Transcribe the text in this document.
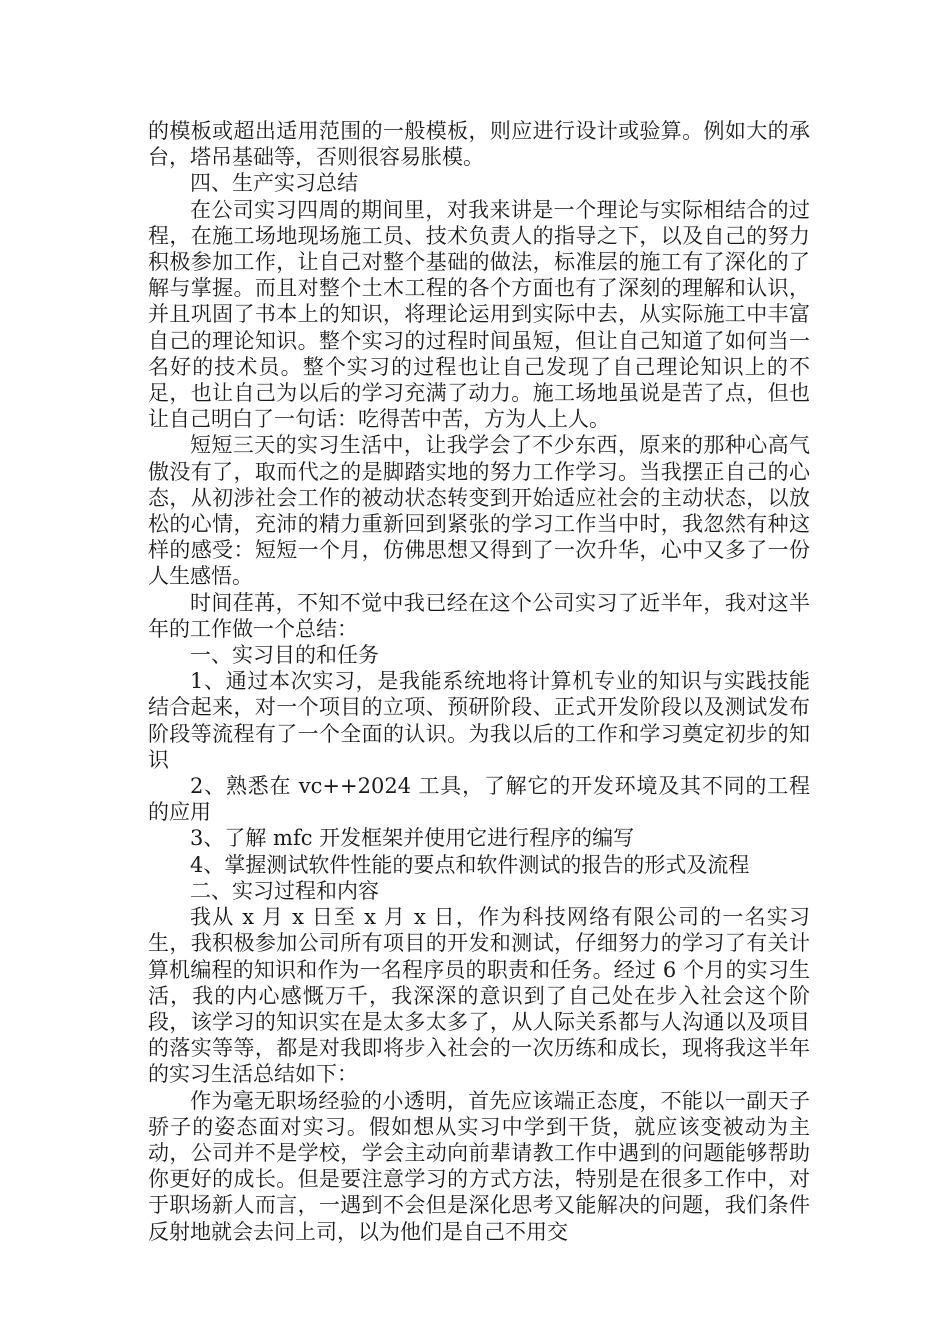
的模板或超出适用范围的一般模板，则应进行设计或验算。例如大的承台，塔吊基础等，否则很容易胀模。

四、生产实习总结

在公司实习四周的期间里，对我来讲是一个理论与实际相结合的过程，在施工场地现场施工员、技术负责人的指导之下，以及自己的努力积极参加工作，让自己对整个基础的做法，标准层的施工有了深化的了解与掌握。而且对整个土木工程的各个方面也有了深刻的理解和认识，并且巩固了书本上的知识，将理论运用到实际中去，从实际施工中丰富自己的理论知识。整个实习的过程时间虽短，但让自己知道了如何当一名好的技术员。整个实习的过程也让自己发现了自己理论知识上的不足，也让自己为以后的学习充满了动力。施工场地虽说是苦了点，但也让自己明白了一句话：吃得苦中苦，方为人上人。

短短三天的实习生活中，让我学会了不少东西，原来的那种心高气傲没有了，取而代之的是脚踏实地的努力工作学习。当我摆正自己的心态，从初涉社会工作的被动状态转变到开始适应社会的主动状态，以放松的心情，充沛的精力重新回到紧张的学习工作当中时，我忽然有种这样的感受：短短一个月，仿佛思想又得到了一次升华，心中又多了一份人生感悟。

时间荏苒，不知不觉中我已经在这个公司实习了近半年，我对这半年的工作做一个总结：

一、实习目的和任务

1、通过本次实习，是我能系统地将计算机专业的知识与实践技能结合起来，对一个项目的立项、预研阶段、正式开发阶段以及测试发布阶段等流程有了一个全面的认识。为我以后的工作和学习奠定初步的知识

2、熟悉在 vc++2024 工具，了解它的开发环境及其不同的工程的应用

3、了解 mfc 开发框架并使用它进行程序的编写

4、掌握测试软件性能的要点和软件测试的报告的形式及流程

二、实习过程和内容

我从 x 月 x 日至 x 月 x 日，作为科技网络有限公司的一名实习生，我积极参加公司所有项目的开发和测试，仔细努力的学习了有关计算机编程的知识和作为一名程序员的职责和任务。经过 6 个月的实习生活，我的内心感慨万千，我深深的意识到了自己处在步入社会这个阶段，该学习的知识实在是太多太多了，从人际关系都与人沟通以及项目的落实等等，都是对我即将步入社会的一次历练和成长，现将我这半年的实习生活总结如下：

作为毫无职场经验的小透明，首先应该端正态度，不能以一副天子骄子的姿态面对实习。假如想从实习中学到干货，就应该变被动为主动，公司并不是学校，学会主动向前辈请教工作中遇到的问题能够帮助你更好的成长。但是要注意学习的方式方法，特别是在很多工作中，对于职场新人而言，一遇到不会但是深化思考又能解决的问题，我们条件反射地就会去问上司，以为他们是自己不用交
